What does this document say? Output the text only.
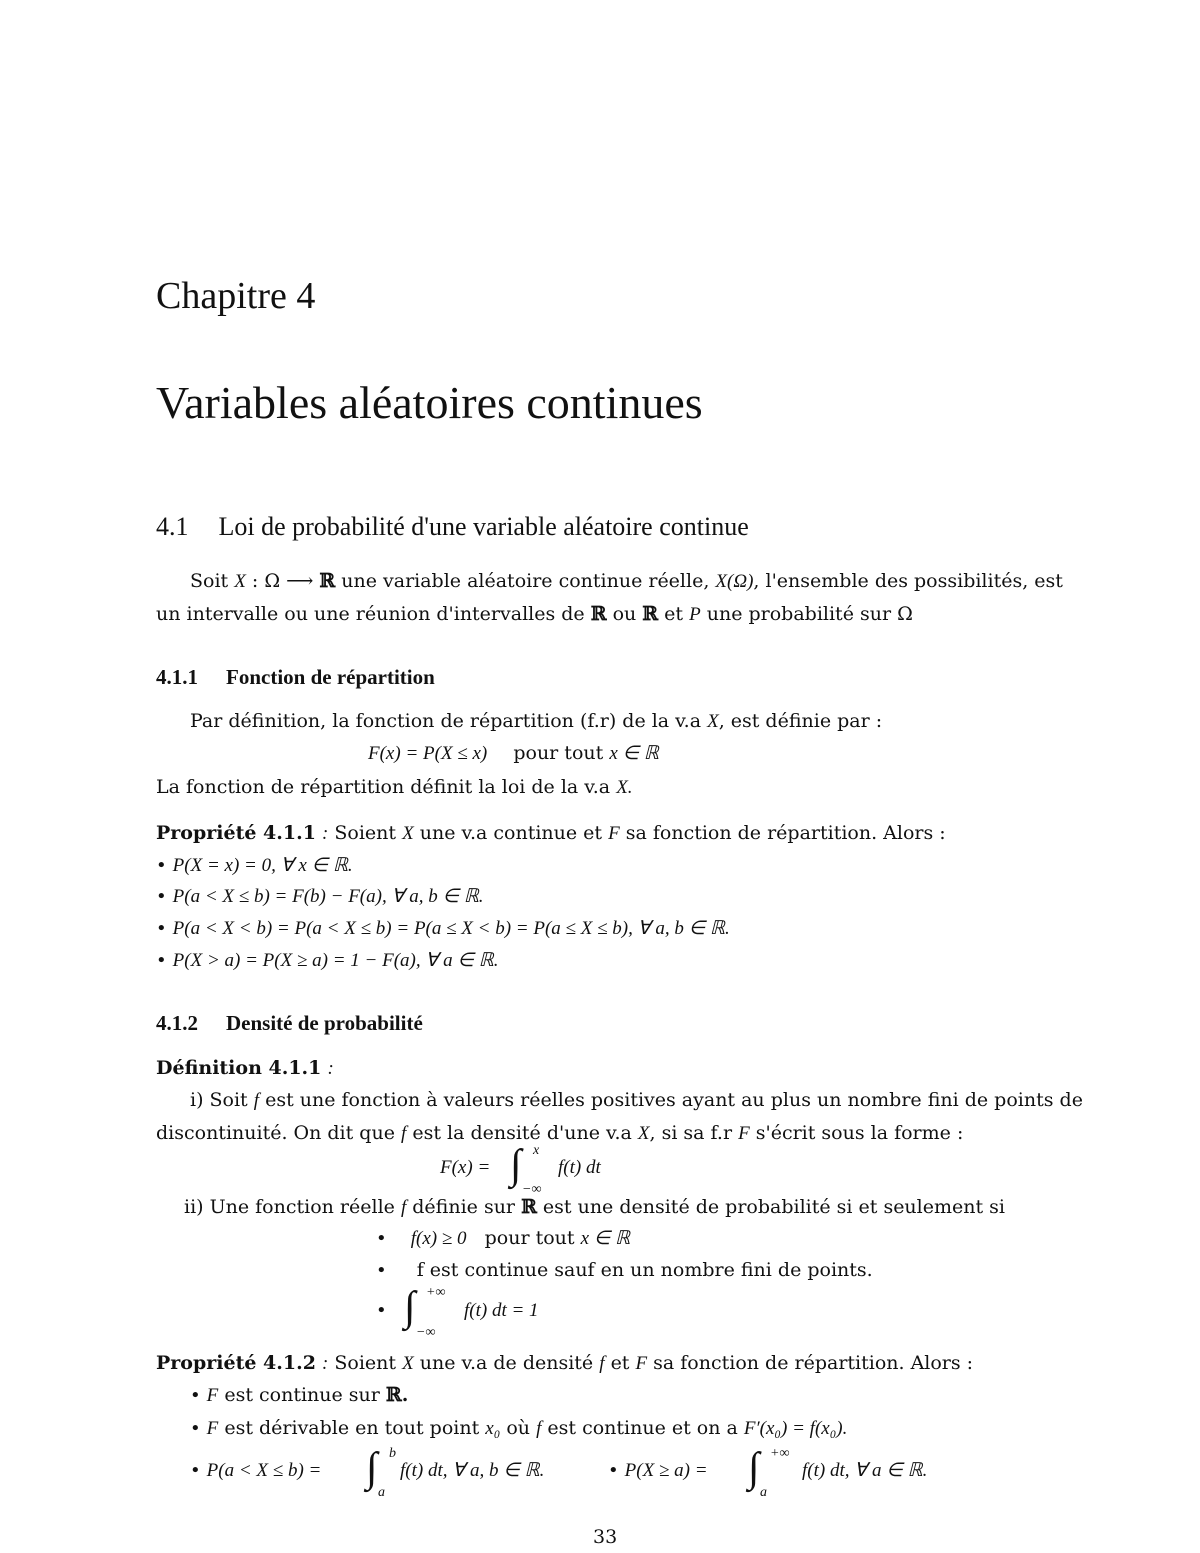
Chapitre 4
Variables aléatoires continues
4.1 Loi de probabilité d'une variable aléatoire continue
Soit X : Ω ⟶ ℝ une variable aléatoire continue réelle, X(Ω), l'ensemble des possibilités, est
un intervalle ou une réunion d'intervalles de ℝ ou ℝ et P une probabilité sur Ω
4.1.1 Fonction de répartition
Par définition, la fonction de répartition (f.r) de la v.a X, est définie par :
F(x) = P(X ≤ x) pour tout x ∈ ℝ
La fonction de répartition définit la loi de la v.a X.
Propriété 4.1.1 : Soient X une v.a continue et F sa fonction de répartition. Alors :
• P(X = x) = 0, ∀ x ∈ ℝ.
• P(a < X ≤ b) = F(b) − F(a), ∀ a, b ∈ ℝ.
• P(a < X < b) = P(a < X ≤ b) = P(a ≤ X < b) = P(a ≤ X ≤ b), ∀ a, b ∈ ℝ.
• P(X > a) = P(X ≥ a) = 1 − F(a), ∀ a ∈ ℝ.
4.1.2 Densité de probabilité
Définition 4.1.1 :
i) Soit f est une fonction à valeurs réelles positives ayant au plus un nombre fini de points de
discontinuité. On dit que f est la densité d'une v.a X, si sa f.r F s'écrit sous la forme :
F(x) = ∫ x
−∞
f(t) dt
ii) Une fonction réelle f définie sur ℝ est une densité de probabilité si et seulement si
• f(x) ≥ 0 pour tout x ∈ ℝ
• f est continue sauf en un nombre fini de points.
• ∫ +∞
−∞
f(t) dt = 1
Propriété 4.1.2 : Soient X une v.a de densité f et F sa fonction de répartition. Alors :
• F est continue sur ℝ.
• F est dérivable en tout point x₀ où f est continue et on a F′(x₀) = f(x₀).
• P(a < X ≤ b) = ∫ b
a
f(t) dt, ∀ a, b ∈ ℝ.	• P(X ≥ a) = ∫ +∞
a
f(t) dt, ∀ a ∈ ℝ.
33
